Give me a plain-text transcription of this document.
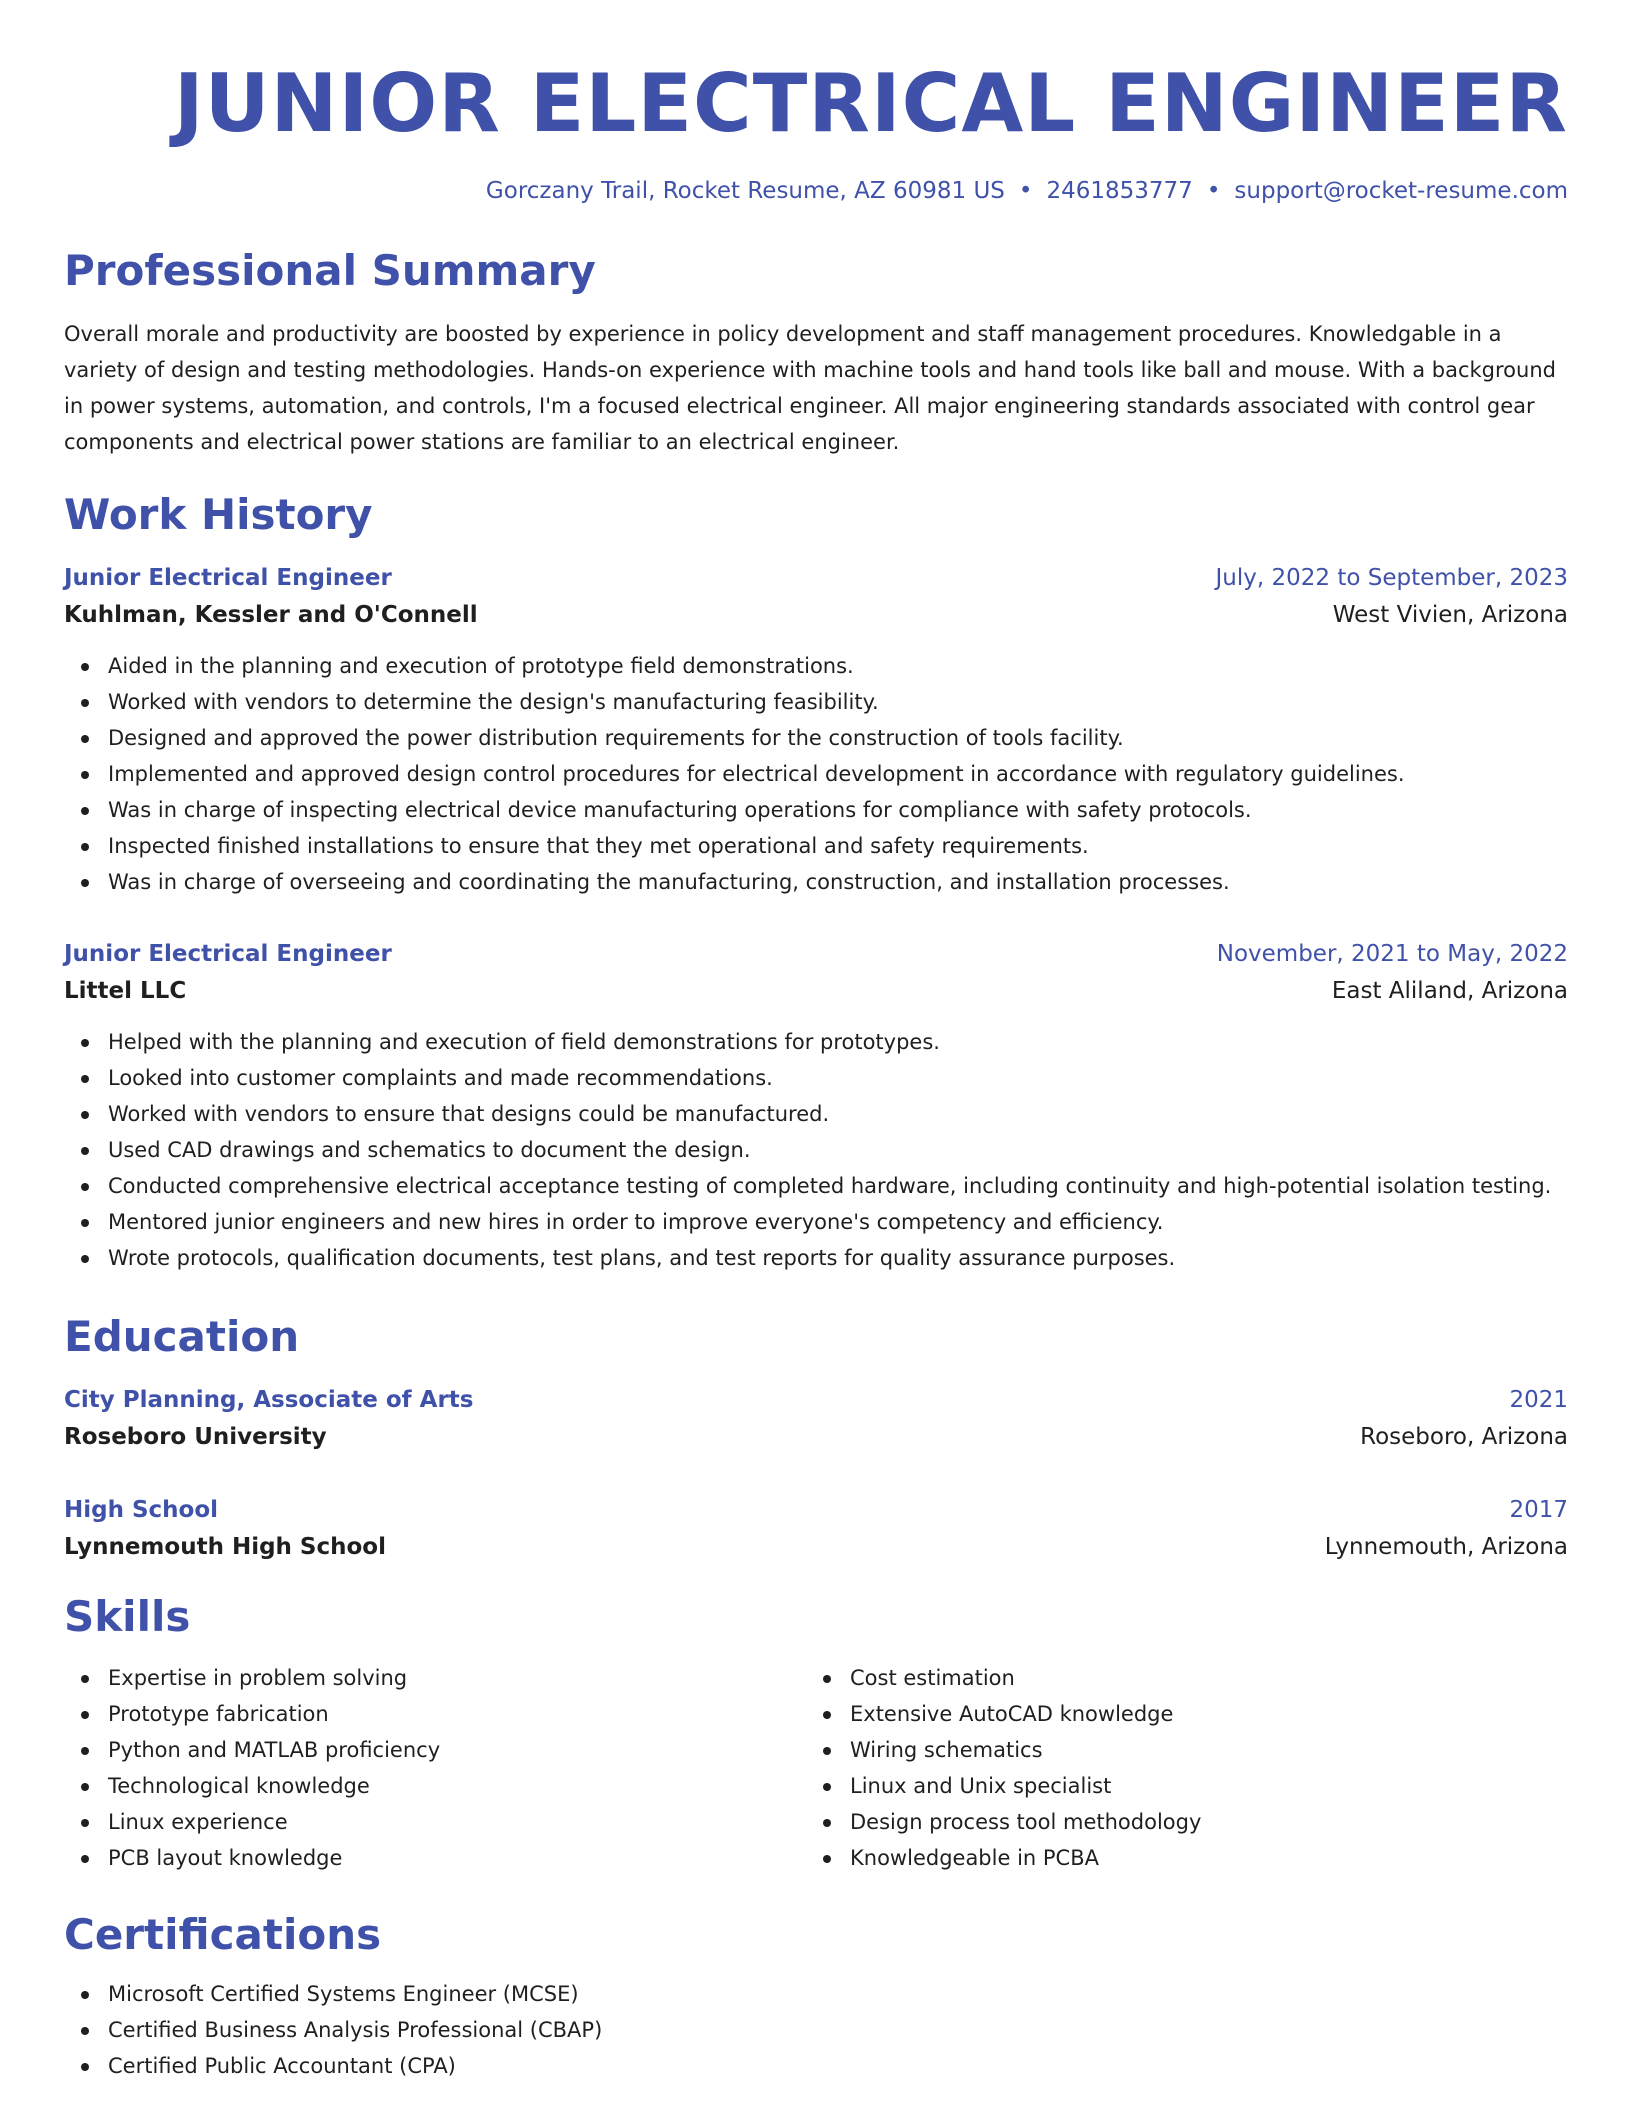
JUNIOR ELECTRICAL ENGINEER
Gorczany Trail, Rocket Resume, AZ 60981 US • 2461853777 • support@rocket-resume.com
Professional Summary
Overall morale and productivity are boosted by experience in policy development and staff management procedures. Knowledgable in a variety of design and testing methodologies. Hands-on experience with machine tools and hand tools like ball and mouse. With a background in power systems, automation, and controls, I'm a focused electrical engineer. All major engineering standards associated with control gear components and electrical power stations are familiar to an electrical engineer.
Work History
Junior Electrical Engineer	July, 2022 to September, 2023
Kuhlman, Kessler and O'Connell	West Vivien, Arizona
Aided in the planning and execution of prototype field demonstrations.
Worked with vendors to determine the design's manufacturing feasibility.
Designed and approved the power distribution requirements for the construction of tools facility.
Implemented and approved design control procedures for electrical development in accordance with regulatory guidelines.
Was in charge of inspecting electrical device manufacturing operations for compliance with safety protocols.
Inspected finished installations to ensure that they met operational and safety requirements.
Was in charge of overseeing and coordinating the manufacturing, construction, and installation processes.
Junior Electrical Engineer	November, 2021 to May, 2022
Littel LLC	East Aliland, Arizona
Helped with the planning and execution of field demonstrations for prototypes.
Looked into customer complaints and made recommendations.
Worked with vendors to ensure that designs could be manufactured.
Used CAD drawings and schematics to document the design.
Conducted comprehensive electrical acceptance testing of completed hardware, including continuity and high-potential isolation testing.
Mentored junior engineers and new hires in order to improve everyone's competency and efficiency.
Wrote protocols, qualification documents, test plans, and test reports for quality assurance purposes.
Education
City Planning, Associate of Arts	2021
Roseboro University	Roseboro, Arizona
High School	2017
Lynnemouth High School	Lynnemouth, Arizona
Skills
Expertise in problem solving
Prototype fabrication
Python and MATLAB proficiency
Technological knowledge
Linux experience
PCB layout knowledge
Cost estimation
Extensive AutoCAD knowledge
Wiring schematics
Linux and Unix specialist
Design process tool methodology
Knowledgeable in PCBA
Certifications
Microsoft Certified Systems Engineer (MCSE)
Certified Business Analysis Professional (CBAP)
Certified Public Accountant (CPA)
